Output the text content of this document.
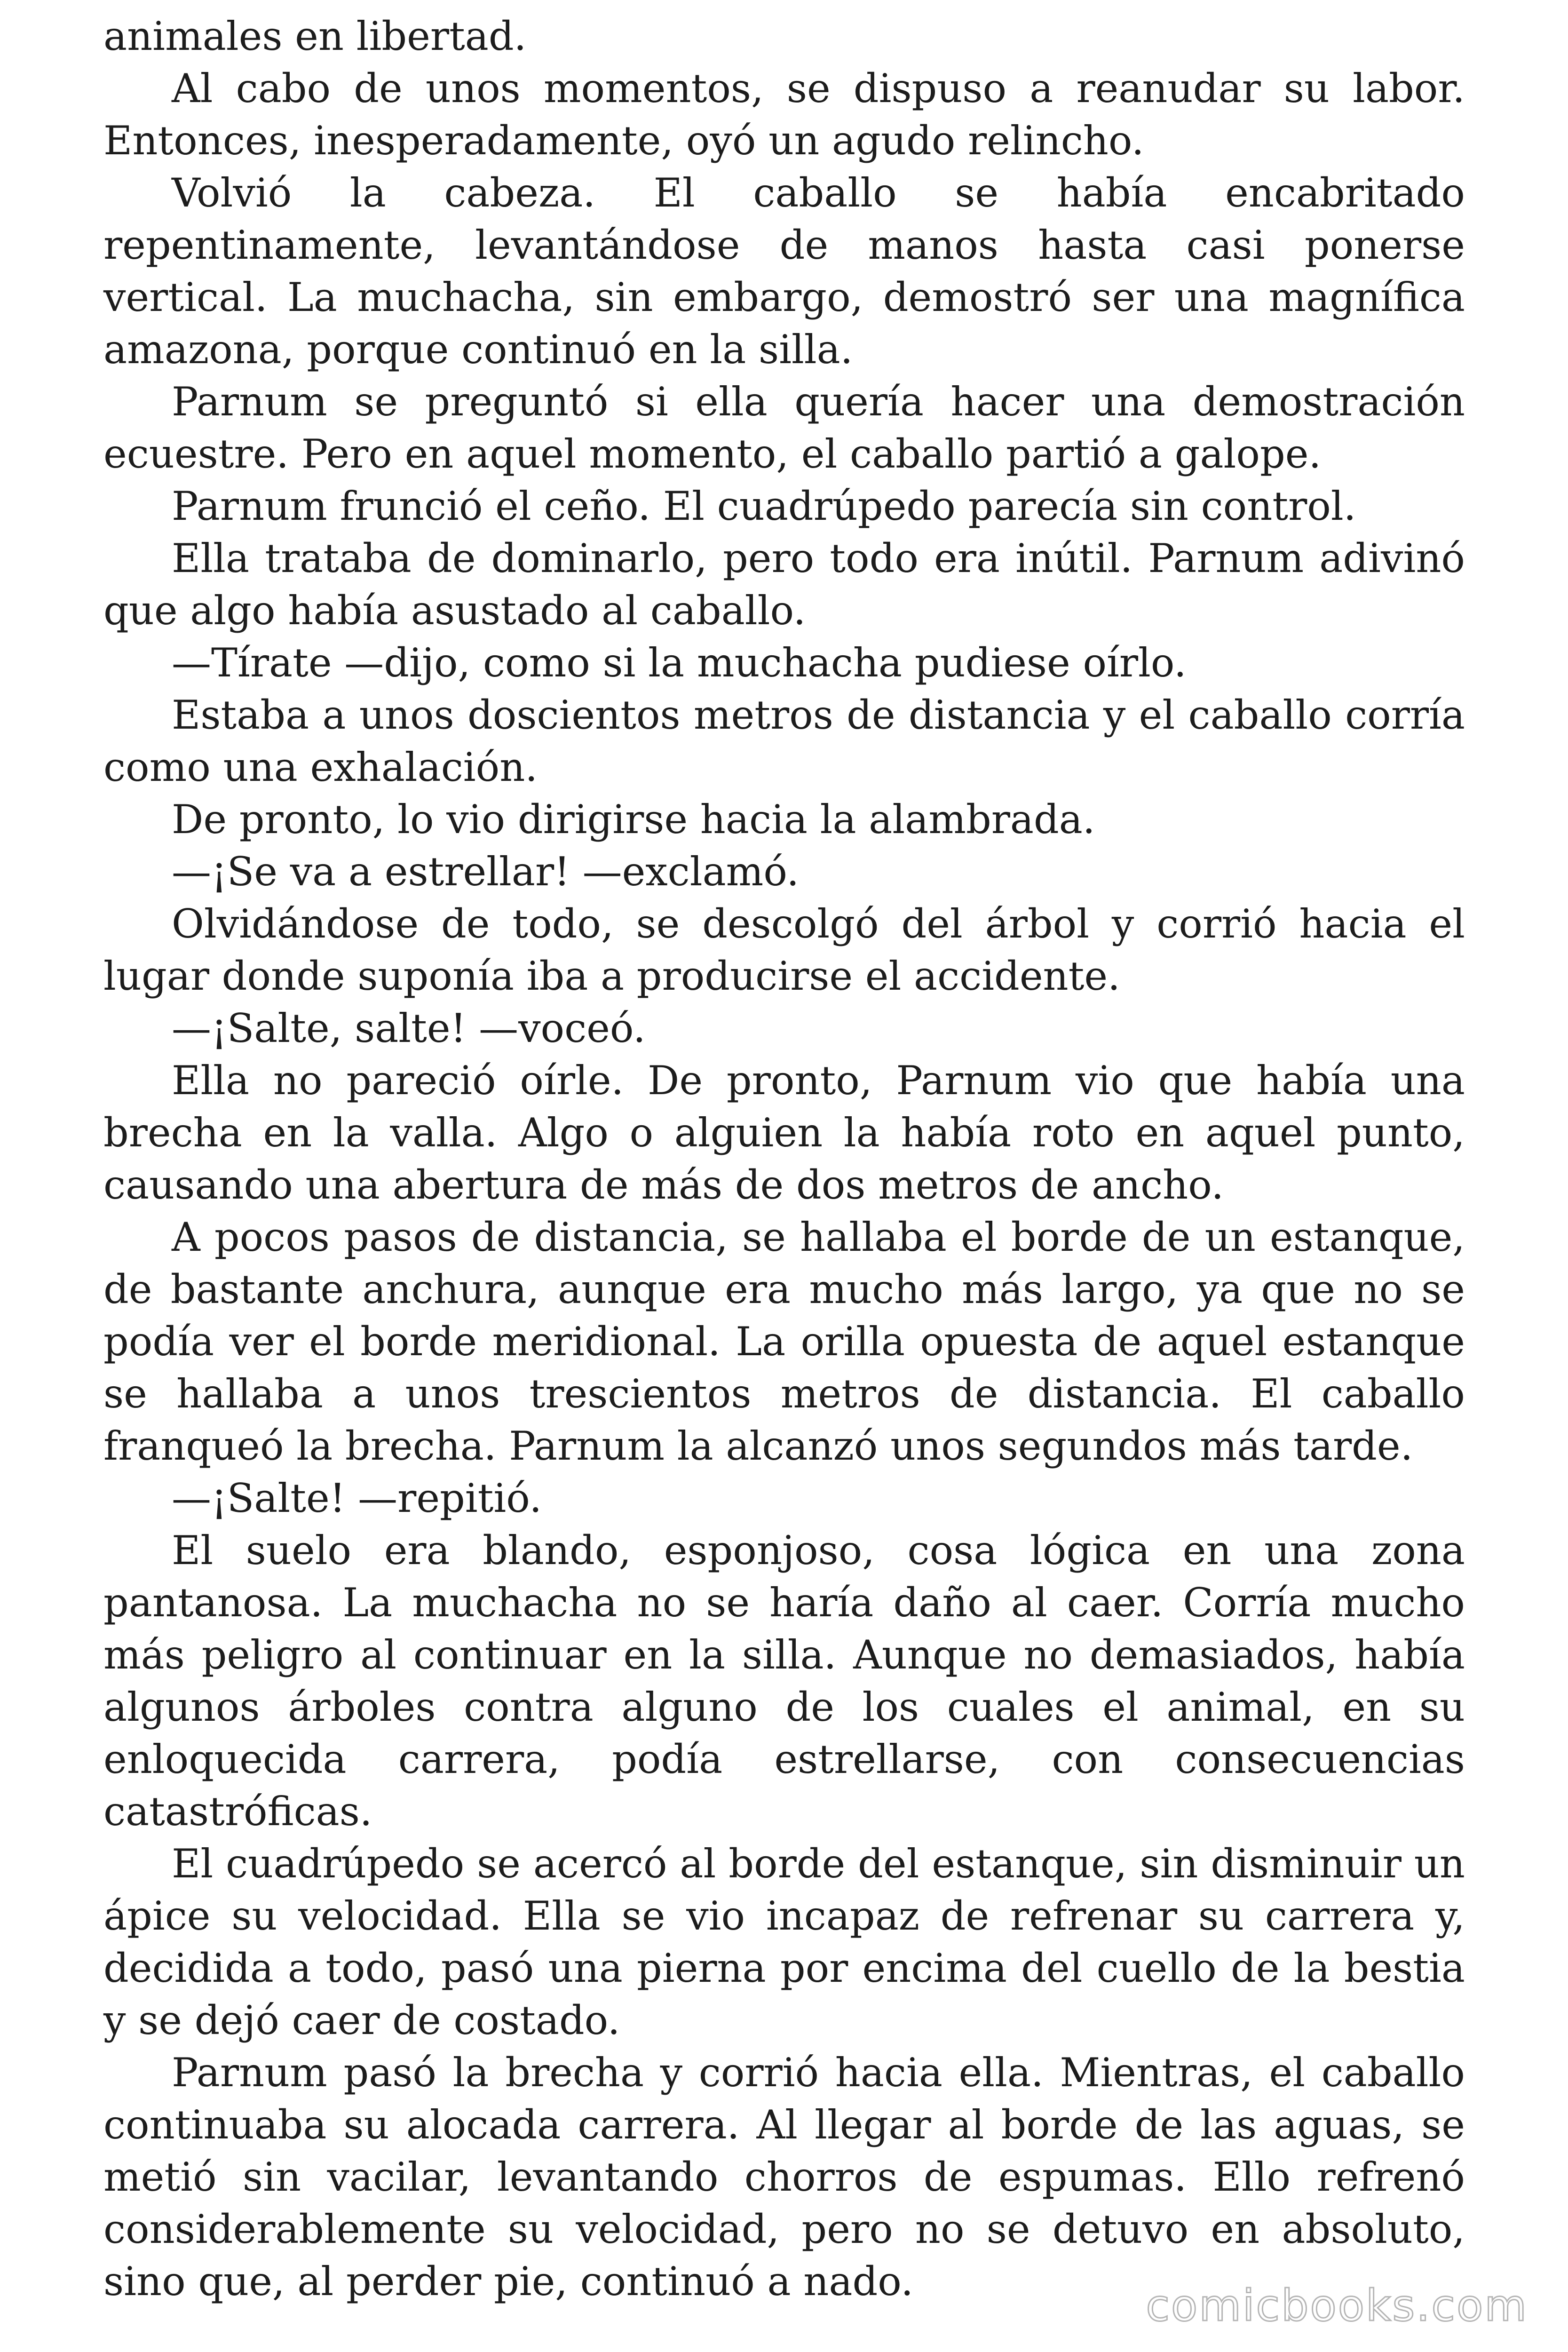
animales en libertad.

Al cabo de unos momentos, se dispuso a reanudar su labor. Entonces, inesperadamente, oyó un agudo relincho.

Volvió la cabeza. El caballo se había encabritado repentinamente, levantándose de manos hasta casi ponerse vertical. La muchacha, sin embargo, demostró ser una magnífica amazona, porque continuó en la silla.

Parnum se preguntó si ella quería hacer una demostración ecuestre. Pero en aquel momento, el caballo partió a galope.

Parnum frunció el ceño. El cuadrúpedo parecía sin control.

Ella trataba de dominarlo, pero todo era inútil. Parnum adivinó que algo había asustado al caballo.

—Tírate —dijo, como si la muchacha pudiese oírlo.

Estaba a unos doscientos metros de distancia y el caballo corría como una exhalación.

De pronto, lo vio dirigirse hacia la alambrada.

—¡Se va a estrellar! —exclamó.

Olvidándose de todo, se descolgó del árbol y corrió hacia el lugar donde suponía iba a producirse el accidente.

—¡Salte, salte! —voceó.

Ella no pareció oírle. De pronto, Parnum vio que había una brecha en la valla. Algo o alguien la había roto en aquel punto, causando una abertura de más de dos metros de ancho.

A pocos pasos de distancia, se hallaba el borde de un estanque, de bastante anchura, aunque era mucho más largo, ya que no se podía ver el borde meridional. La orilla opuesta de aquel estanque se hallaba a unos trescientos metros de distancia. El caballo franqueó la brecha. Parnum la alcanzó unos segundos más tarde.

—¡Salte! —repitió.

El suelo era blando, esponjoso, cosa lógica en una zona pantanosa. La muchacha no se haría daño al caer. Corría mucho más peligro al continuar en la silla. Aunque no demasiados, había algunos árboles contra alguno de los cuales el animal, en su enloquecida carrera, podía estrellarse, con consecuencias catastróficas.

El cuadrúpedo se acercó al borde del estanque, sin disminuir un ápice su velocidad. Ella se vio incapaz de refrenar su carrera y, decidida a todo, pasó una pierna por encima del cuello de la bestia y se dejó caer de costado.

Parnum pasó la brecha y corrió hacia ella. Mientras, el caballo continuaba su alocada carrera. Al llegar al borde de las aguas, se metió sin vacilar, levantando chorros de espumas. Ello refrenó considerablemente su velocidad, pero no se detuvo en absoluto, sino que, al perder pie, continuó a nado.	comicbooks.com
